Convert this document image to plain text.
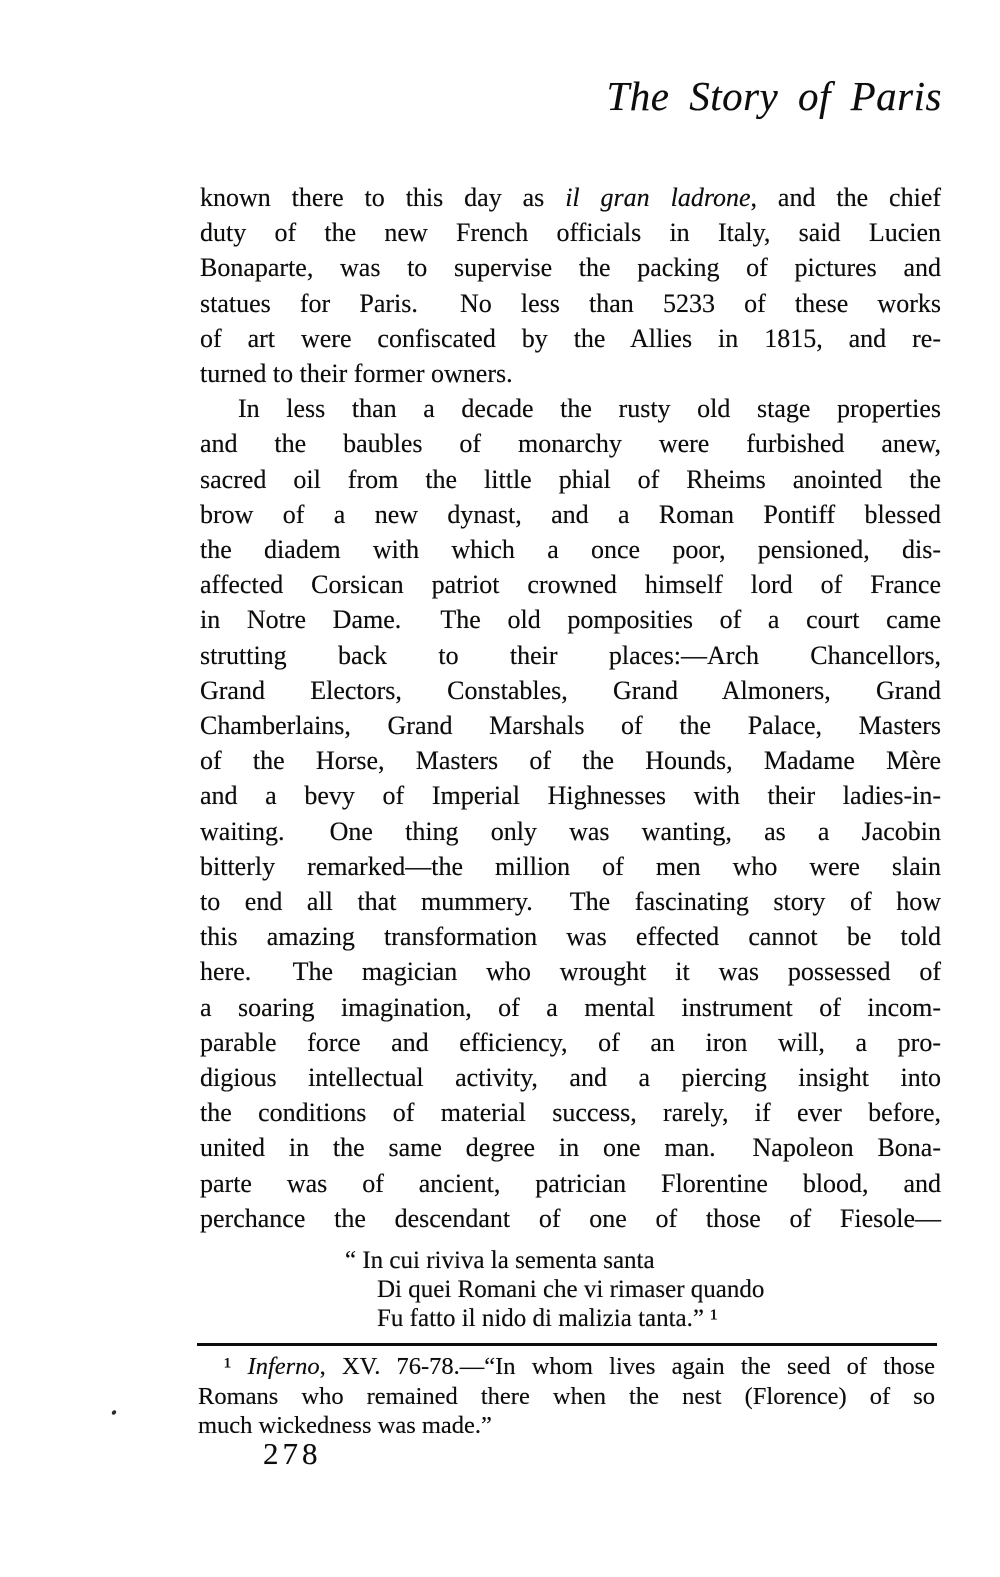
The Story of Paris
known there to this day as il gran ladrone, and the chief
duty of the new French officials in Italy, said Lucien
Bonaparte, was to supervise the packing of pictures and
statues for Paris.  No less than 5233 of these works
of art were confiscated by the Allies in 1815, and re-
turned to their former owners.
In less than a decade the rusty old stage properties
and the baubles of monarchy were furbished anew,
sacred oil from the little phial of Rheims anointed the
brow of a new dynast, and a Roman Pontiff blessed
the diadem with which a once poor, pensioned, dis-
affected Corsican patriot crowned himself lord of France
in Notre Dame.  The old pomposities of a court came
strutting back to their places:—Arch Chancellors,
Grand Electors, Constables, Grand Almoners, Grand
Chamberlains, Grand Marshals of the Palace, Masters
of the Horse, Masters of the Hounds, Madame Mère
and a bevy of Imperial Highnesses with their ladies-in-
waiting.  One thing only was wanting, as a Jacobin
bitterly remarked—the million of men who were slain
to end all that mummery.  The fascinating story of how
this amazing transformation was effected cannot be told
here.  The magician who wrought it was possessed of
a soaring imagination, of a mental instrument of incom-
parable force and efficiency, of an iron will, a pro-
digious intellectual activity, and a piercing insight into
the conditions of material success, rarely, if ever before,
united in the same degree in one man.  Napoleon Bona-
parte was of ancient, patrician Florentine blood, and
perchance the descendant of one of those of Fiesole—
“ In cui riviva la sementa santa
Di quei Romani che vi rimaser quando
Fu fatto il nido di malizia tanta.” ¹
¹ Inferno, XV. 76-78.—“In whom lives again the seed of those
Romans who remained there when the nest (Florence) of so
much wickedness was made.”
278
